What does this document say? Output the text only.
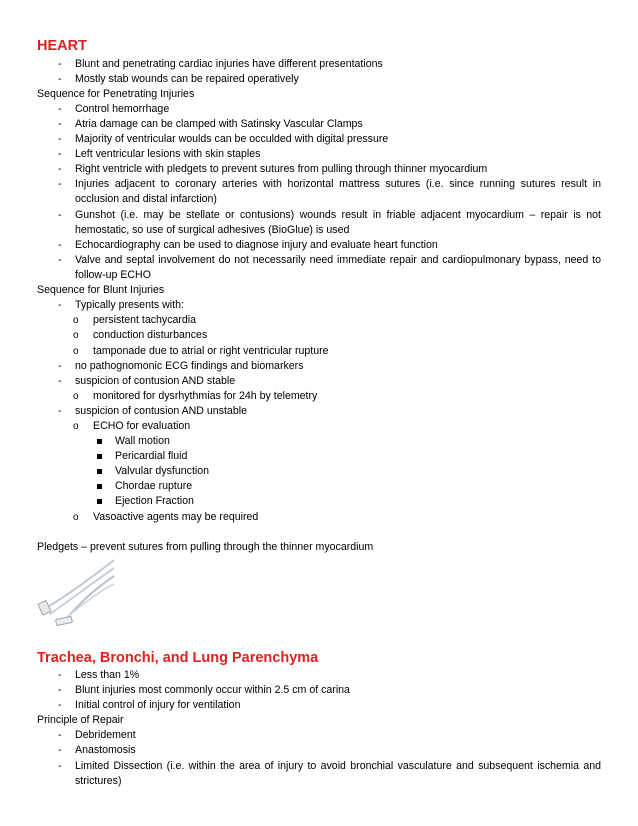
HEART
- Blunt and penetrating cardiac injuries have different presentations
- Mostly stab wounds can be repaired operatively
Sequence for Penetrating Injuries
- Control hemorrhage
- Atria damage can be clamped with Satinsky Vascular Clamps
- Majority of ventricular woulds can be occulded with digital pressure
- Left ventricular lesions with skin staples
- Right ventricle with pledgets to prevent sutures from pulling through thinner myocardium
- Injuries adjacent to coronary arteries with horizontal mattress sutures (i.e. since running sutures result in occlusion and distal infarction)
- Gunshot (i.e. may be stellate or contusions) wounds result in friable adjacent myocardium – repair is not hemostatic, so use of surgical adhesives (BioGlue) is used
- Echocardiography can be used to diagnose injury and evaluate heart function
- Valve and septal involvement do not necessarily need immediate repair and cardiopulmonary bypass, need to follow-up ECHO
Sequence for Blunt Injuries
- Typically presents with:
o persistent tachycardia
o conduction disturbances
o tamponade due to atrial or right ventricular rupture
- no pathognomonic ECG findings and biomarkers
- suspicion of contusion AND stable
o monitored for dysrhythmias for 24h by telemetry
- suspicion of contusion AND unstable
o ECHO for evaluation
Wall motion
Pericardial fluid
Valvular dysfunction
Chordae rupture
Ejection Fraction
o Vasoactive agents may be required
Pledgets – prevent sutures from pulling through the thinner myocardium
Trachea, Bronchi, and Lung Parenchyma
- Less than 1%
- Blunt injuries most commonly occur within 2.5 cm of carina
- Initial control of injury for ventilation
Principle of Repair
- Debridement
- Anastomosis
- Limited Dissection (i.e. within the area of injury to avoid bronchial vasculature and subsequent ischemia and strictures)
